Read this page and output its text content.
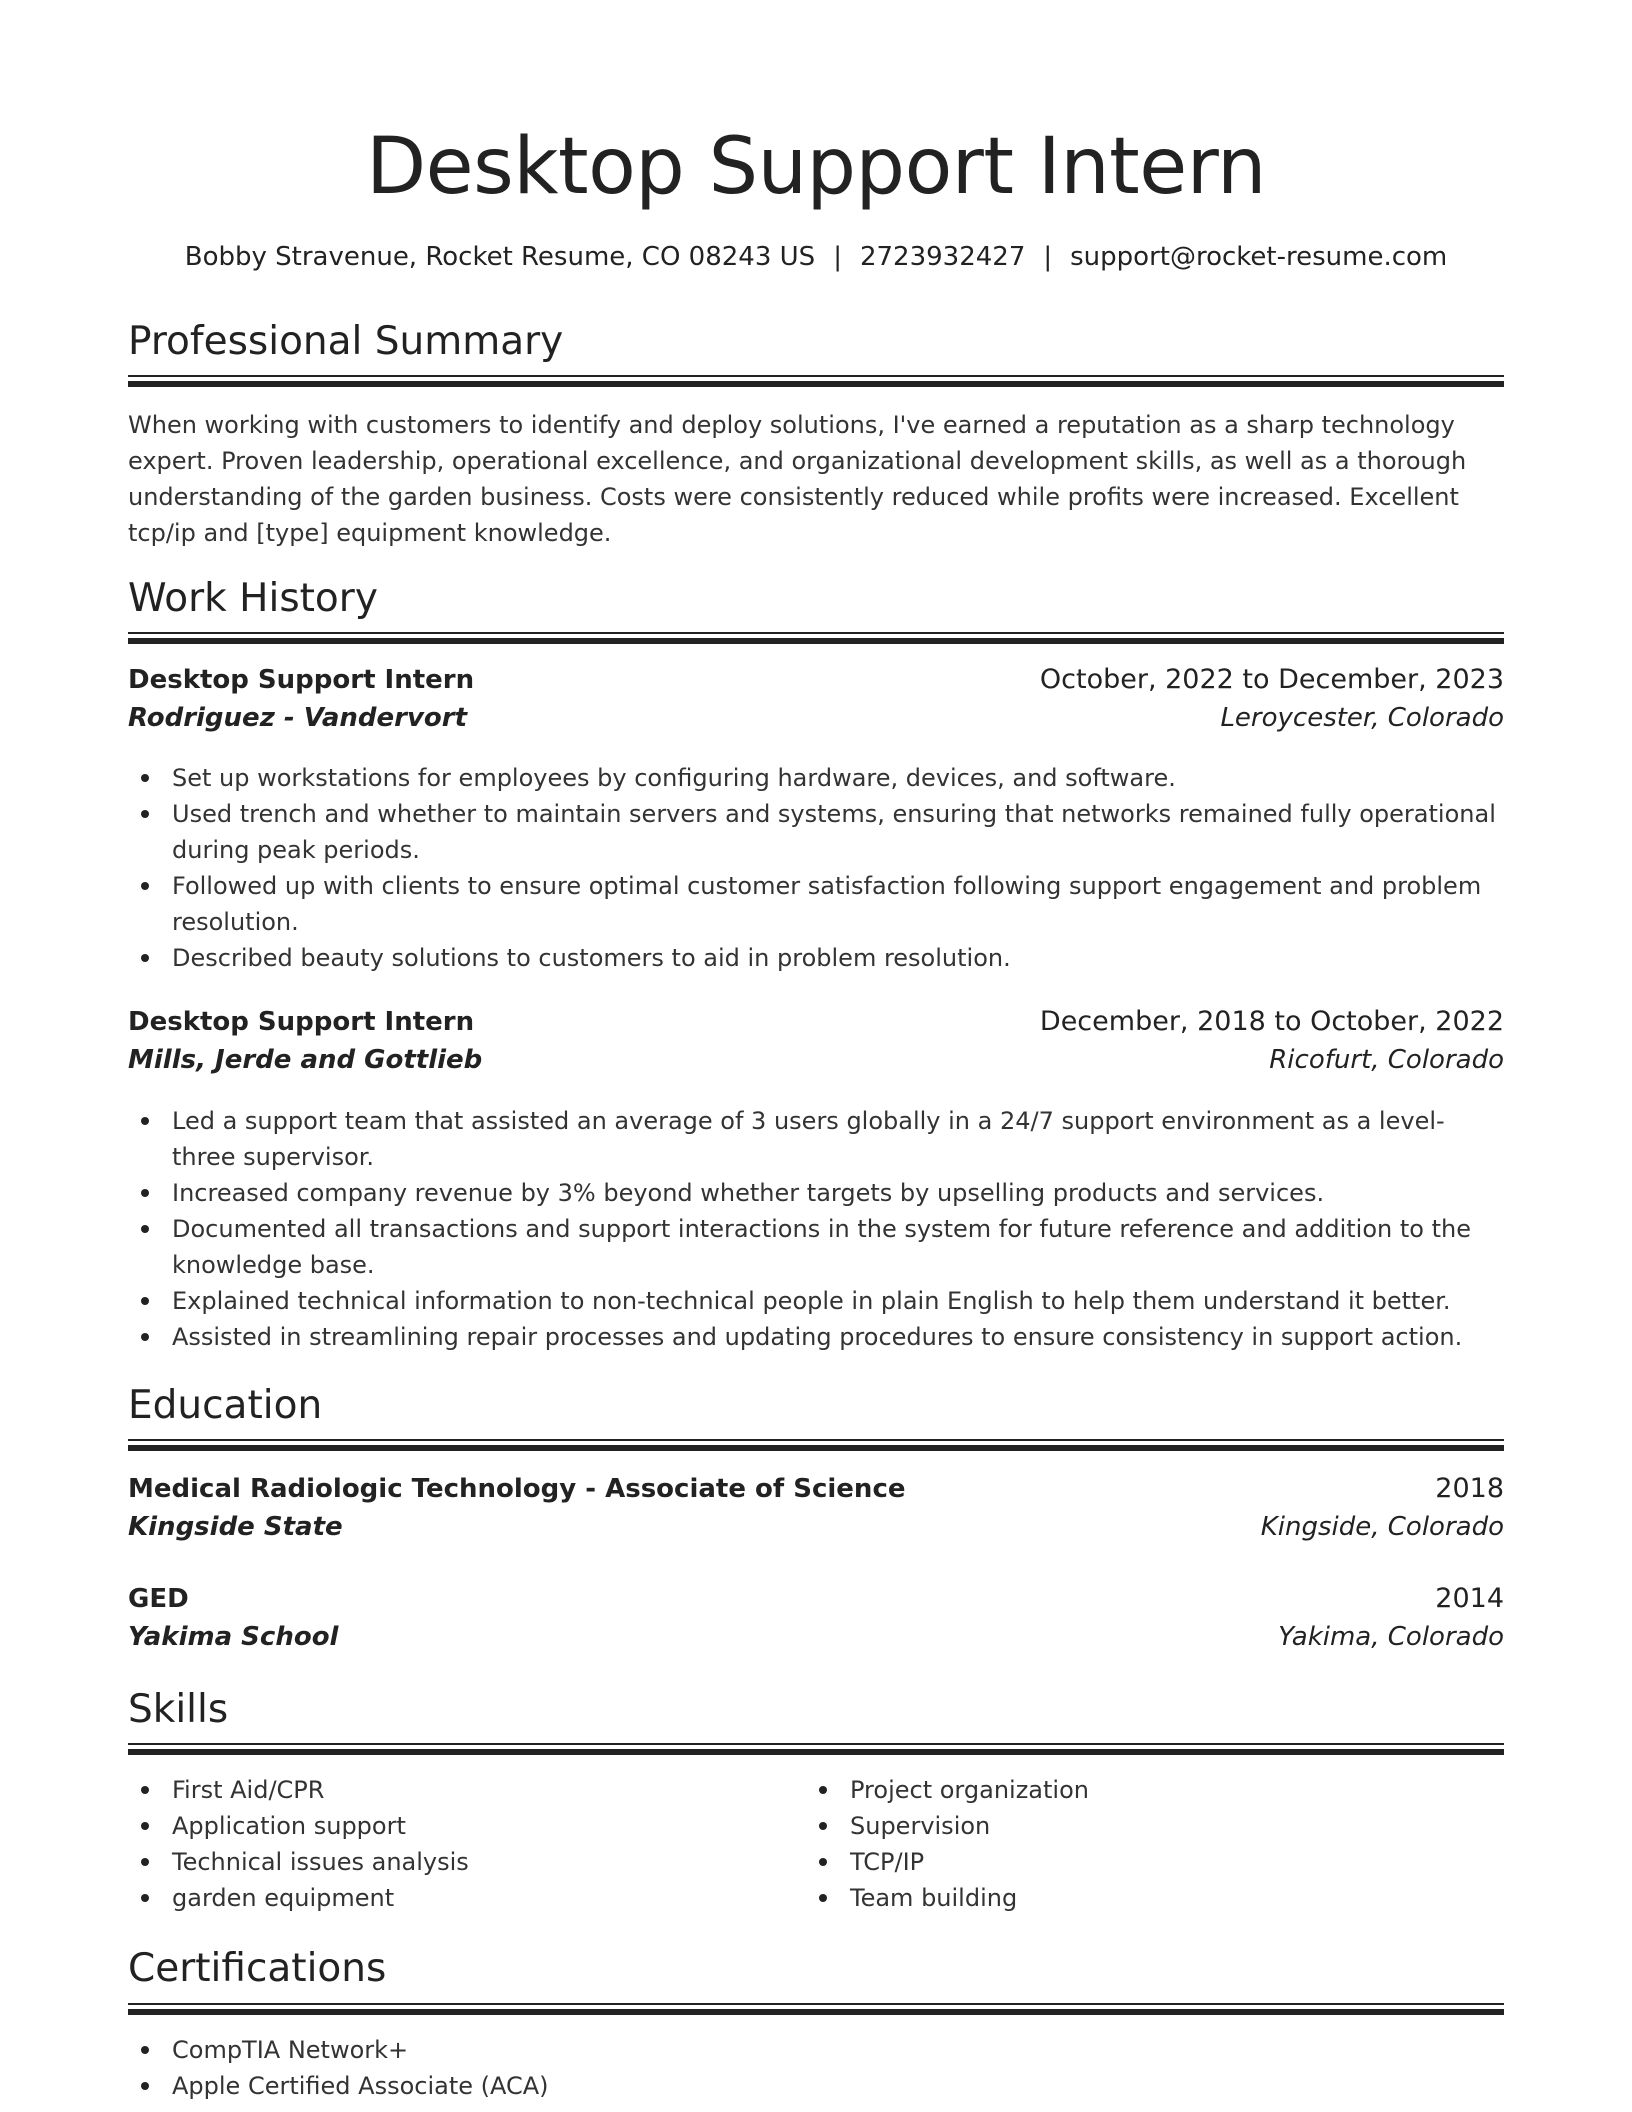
Desktop Support Intern
Bobby Stravenue, Rocket Resume, CO 08243 US | 2723932427 | support@rocket-resume.com
Professional Summary

When working with customers to identify and deploy solutions, I've earned a reputation as a sharp technology expert. Proven leadership, operational excellence, and organizational development skills, as well as a thorough understanding of the garden business. Costs were consistently reduced while profits were increased. Excellent tcp/ip and [type] equipment knowledge.

Work History
Desktop Support Intern	October, 2022 to December, 2023
Rodriguez - Vandervort	Leroycester, Colorado
Set up workstations for employees by configuring hardware, devices, and software.
Used trench and whether to maintain servers and systems, ensuring that networks remained fully operational during peak periods.
Followed up with clients to ensure optimal customer satisfaction following support engagement and problem resolution.
Described beauty solutions to customers to aid in problem resolution.
Desktop Support Intern	December, 2018 to October, 2022
Mills, Jerde and Gottlieb	Ricofurt, Colorado
Led a support team that assisted an average of 3 users globally in a 24/7 support environment as a level-three supervisor.
Increased company revenue by 3% beyond whether targets by upselling products and services.
Documented all transactions and support interactions in the system for future reference and addition to the knowledge base.
Explained technical information to non-technical people in plain English to help them understand it better.
Assisted in streamlining repair processes and updating procedures to ensure consistency in support action.
Education
Medical Radiologic Technology - Associate of Science	2018
Kingside State	Kingside, Colorado
GED	2014
Yakima School	Yakima, Colorado
Skills
First Aid/CPR
Application support
Technical issues analysis
garden equipment
Project organization
Supervision
TCP/IP
Team building
Certifications
CompTIA Network+
Apple Certified Associate (ACA)
